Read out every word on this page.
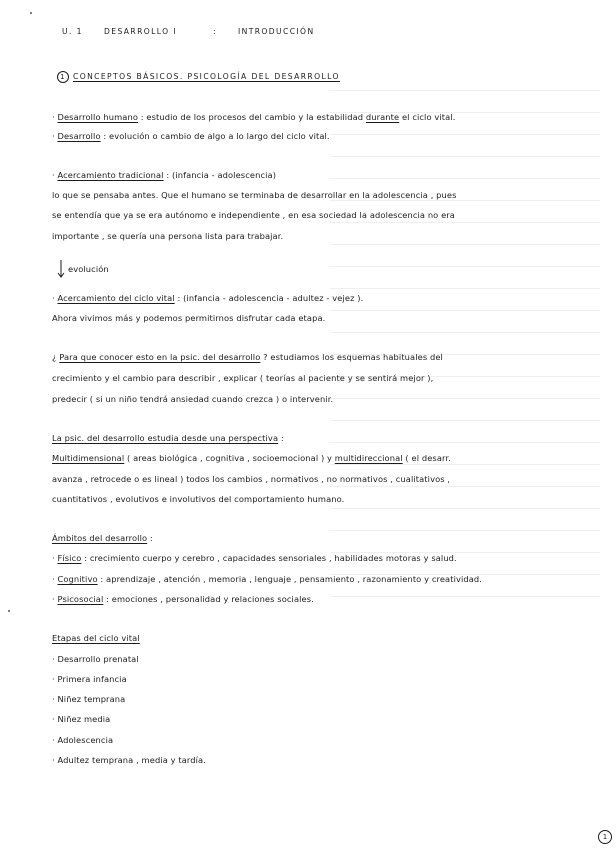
U. 1	DESARROLLO I	:	INTRODUCCIÓN
1 CONCEPTOS BÁSICOS. PSICOLOGÍA DEL DESARROLLO
· Desarrollo humano : estudio de los procesos del cambio y la estabilidad durante el ciclo vital.
· Desarrollo : evolución o cambio de algo a lo largo del ciclo vital.
· Acercamiento tradicional : (infancia - adolescencia)
lo que se pensaba antes. Que el humano se terminaba de desarrollar en la adolescencia , pues
se entendía que ya se era autónomo e independiente , en esa sociedad la adolescencia no era
importante , se quería una persona lista para trabajar.
evolución
· Acercamiento del ciclo vital : (infancia - adolescencia - adultez - vejez ).
Ahora vivimos más y podemos permitirnos disfrutar cada etapa.
¿ Para que conocer esto en la psic. del desarrollo ? estudiamos los esquemas habituales del
crecimiento y el cambio para describir , explicar ( teorías al paciente y se sentirá mejor ),
predecir ( si un niño tendrá ansiedad cuando crezca ) o intervenir.
La psic. del desarrollo estudia desde una perspectiva :
Multidimensional ( areas biológica , cognitiva , socioemocional ) y multidireccional ( el desarr.
avanza , retrocede o es lineal ) todos los cambios , normativos , no normativos , cualitativos ,
cuantitativos , evolutivos e involutivos del comportamiento humano.
Ámbitos del desarrollo :
· Físico : crecimiento cuerpo y cerebro , capacidades sensoriales , habilidades motoras y salud.
· Cognitivo : aprendizaje , atención , memoria , lenguaje , pensamiento , razonamiento y creatividad.
· Psicosocial : emociones , personalidad y relaciones sociales.
Etapas del ciclo vital
· Desarrollo prenatal
· Primera infancia
· Niñez temprana
· Niñez media
· Adolescencia
· Adultez temprana , media y tardía.
1
